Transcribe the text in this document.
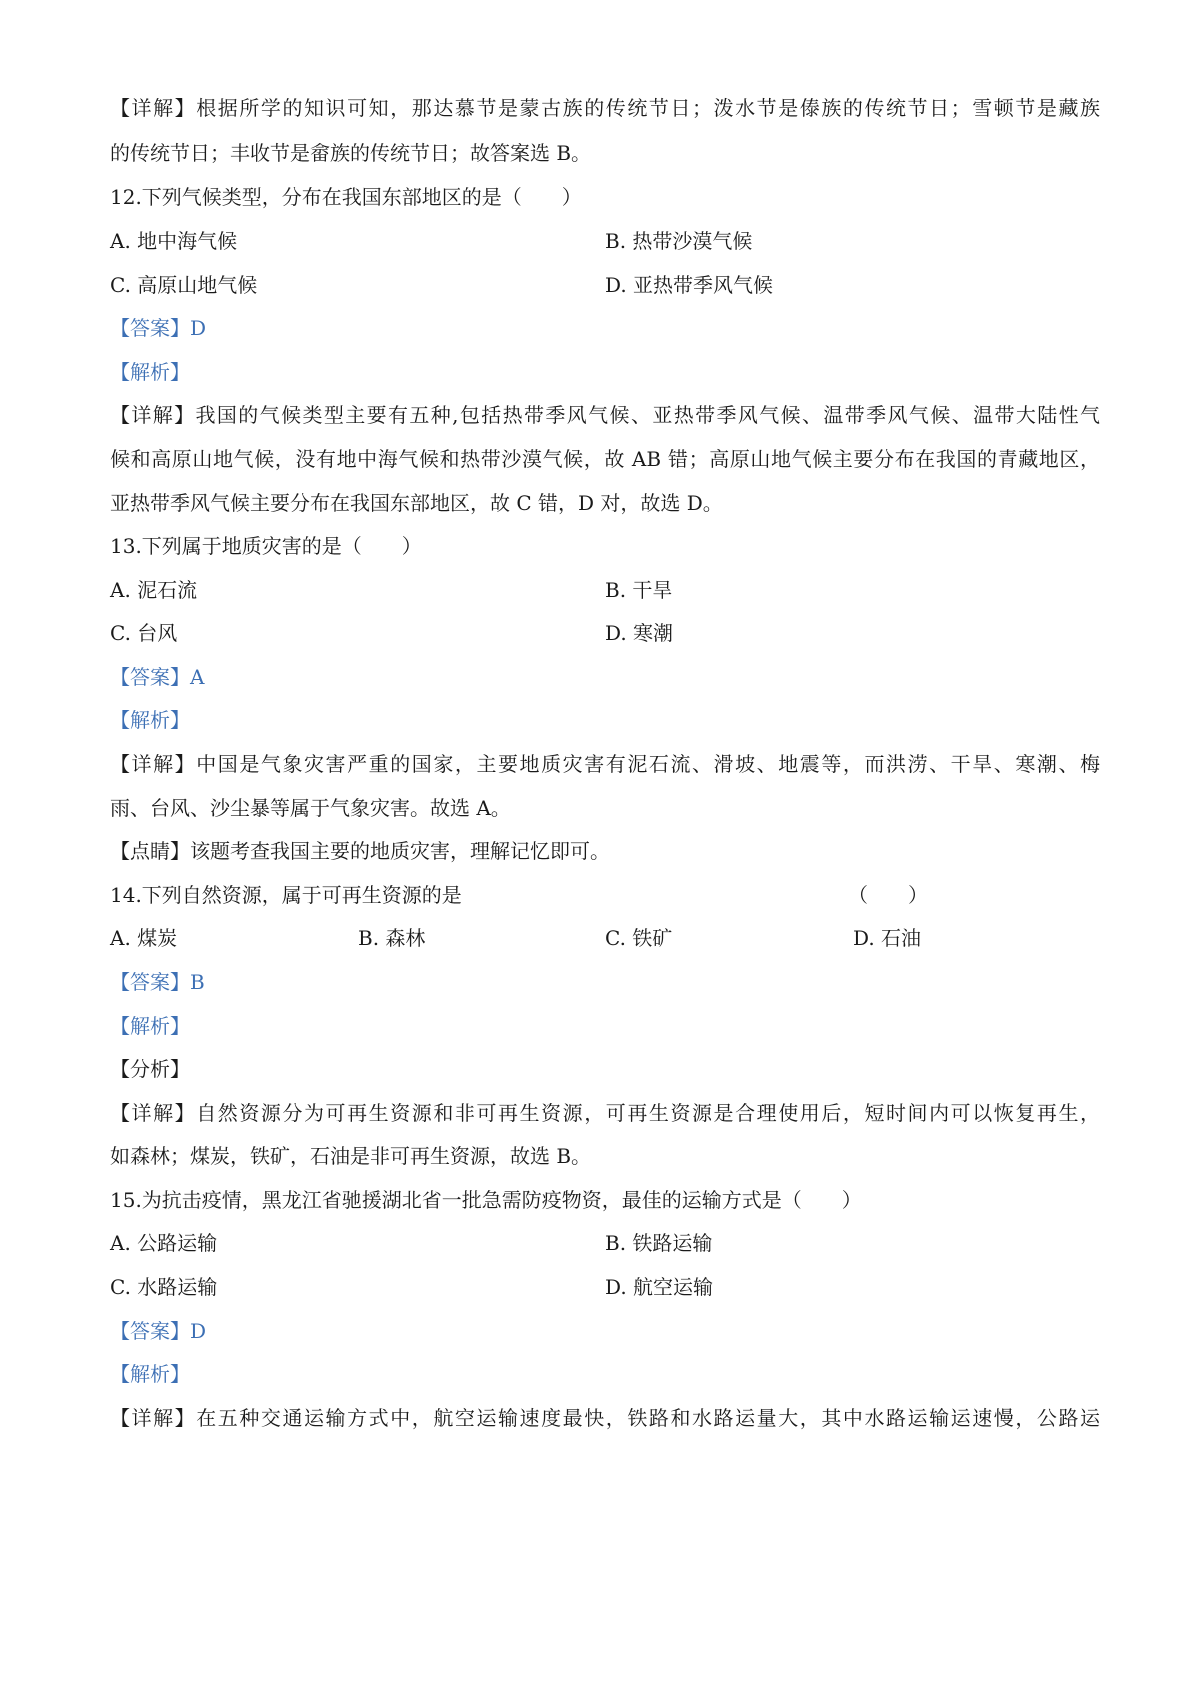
【详解】根据所学的知识可知，那达慕节是蒙古族的传统节日；泼水节是傣族的传统节日；雪顿节是藏族
的传统节日；丰收节是畲族的传统节日；故答案选 B。
12.下列气候类型，分布在我国东部地区的是（　　）
A. 地中海气候	B. 热带沙漠气候
C. 高原山地气候	D. 亚热带季风气候
【答案】D
【解析】
【详解】我国的气候类型主要有五种,包括热带季风气候、亚热带季风气候、温带季风气候、温带大陆性气
候和高原山地气候，没有地中海气候和热带沙漠气候，故 AB 错；高原山地气候主要分布在我国的青藏地区，
亚热带季风气候主要分布在我国东部地区，故 C 错，D 对，故选 D。
13.下列属于地质灾害的是（　　）
A. 泥石流	B. 干旱
C. 台风	D. 寒潮
【答案】A
【解析】
【详解】中国是气象灾害严重的国家，主要地质灾害有泥石流、滑坡、地震等，而洪涝、干旱、寒潮、梅
雨、台风、沙尘暴等属于气象灾害。故选 A。
【点睛】该题考查我国主要的地质灾害，理解记忆即可。
14.下列自然资源，属于可再生资源的是	（　　）
A. 煤炭	B. 森林	C. 铁矿	D. 石油
【答案】B
【解析】
【分析】
【详解】自然资源分为可再生资源和非可再生资源，可再生资源是合理使用后，短时间内可以恢复再生，
如森林；煤炭，铁矿，石油是非可再生资源，故选 B。
15.为抗击疫情，黑龙江省驰援湖北省一批急需防疫物资，最佳的运输方式是（　　）
A. 公路运输	B. 铁路运输
C. 水路运输	D. 航空运输
【答案】D
【解析】
【详解】在五种交通运输方式中，航空运输速度最快，铁路和水路运量大，其中水路运输运速慢，公路运
